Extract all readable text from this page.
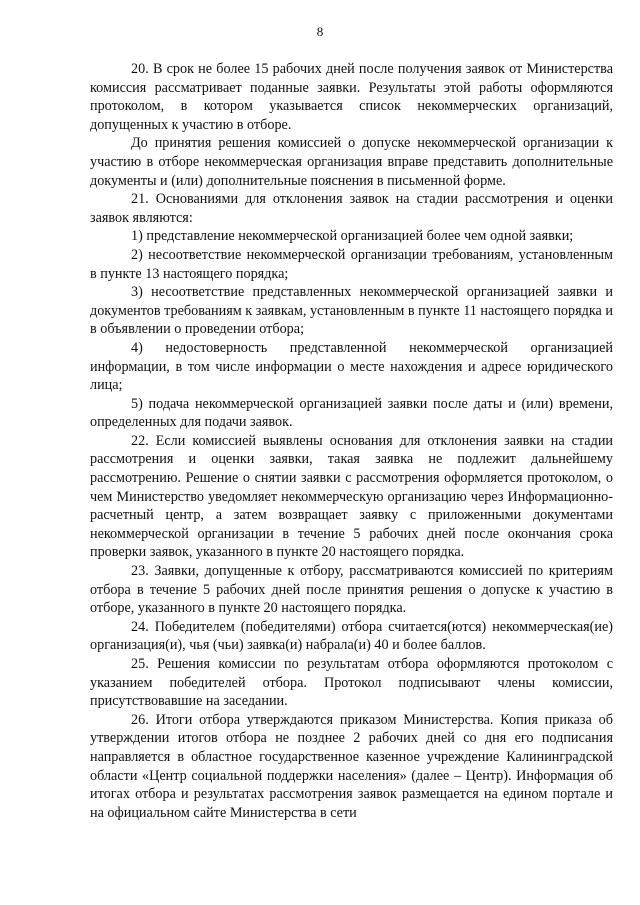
8

20. В срок не более 15 рабочих дней после получения заявок от Министерства комиссия рассматривает поданные заявки. Результаты этой работы оформляются протоколом, в котором указывается список некоммерческих организаций, допущенных к участию в отборе.

До принятия решения комиссией о допуске некоммерческой организации к участию в отборе некоммерческая организация вправе представить дополнительные документы и (или) дополнительные пояснения в письменной форме.

21. Основаниями для отклонения заявок на стадии рассмотрения и оценки заявок являются:

1) представление некоммерческой организацией более чем одной заявки;

2) несоответствие некоммерческой организации требованиям, установленным в пункте 13 настоящего порядка;

3) несоответствие представленных некоммерческой организацией заявки и документов требованиям к заявкам, установленным в пункте 11 настоящего порядка и в объявлении о проведении отбора;

4) недостоверность представленной некоммерческой организацией информации, в том числе информации о месте нахождения и адресе юридического лица;

5) подача некоммерческой организацией заявки после даты и (или) времени, определенных для подачи заявок.

22. Если комиссией выявлены основания для отклонения заявки на стадии рассмотрения и оценки заявки, такая заявка не подлежит дальнейшему рассмотрению. Решение о снятии заявки с рассмотрения оформляется протоколом, о чем Министерство уведомляет некоммерческую организацию через Информационно-расчетный центр, а затем возвращает заявку с приложенными документами некоммерческой организации в течение 5 рабочих дней после окончания срока проверки заявок, указанного в пункте 20 настоящего порядка.

23. Заявки, допущенные к отбору, рассматриваются комиссией по критериям отбора в течение 5 рабочих дней после принятия решения о допуске к участию в отборе, указанного в пункте 20 настоящего порядка.

24. Победителем (победителями) отбора считается(ются) некоммерческая(ие) организация(и), чья (чьи) заявка(и) набрала(и) 40 и более баллов.

25. Решения комиссии по результатам отбора оформляются протоколом с указанием победителей отбора. Протокол подписывают члены комиссии, присутствовавшие на заседании.

26. Итоги отбора утверждаются приказом Министерства. Копия приказа об утверждении итогов отбора не позднее 2 рабочих дней со дня его подписания направляется в областное государственное казенное учреждение Калининградской области «Центр социальной поддержки населения» (далее – Центр). Информация об итогах отбора и результатах рассмотрения заявок размещается на едином портале и на официальном сайте Министерства в сети
